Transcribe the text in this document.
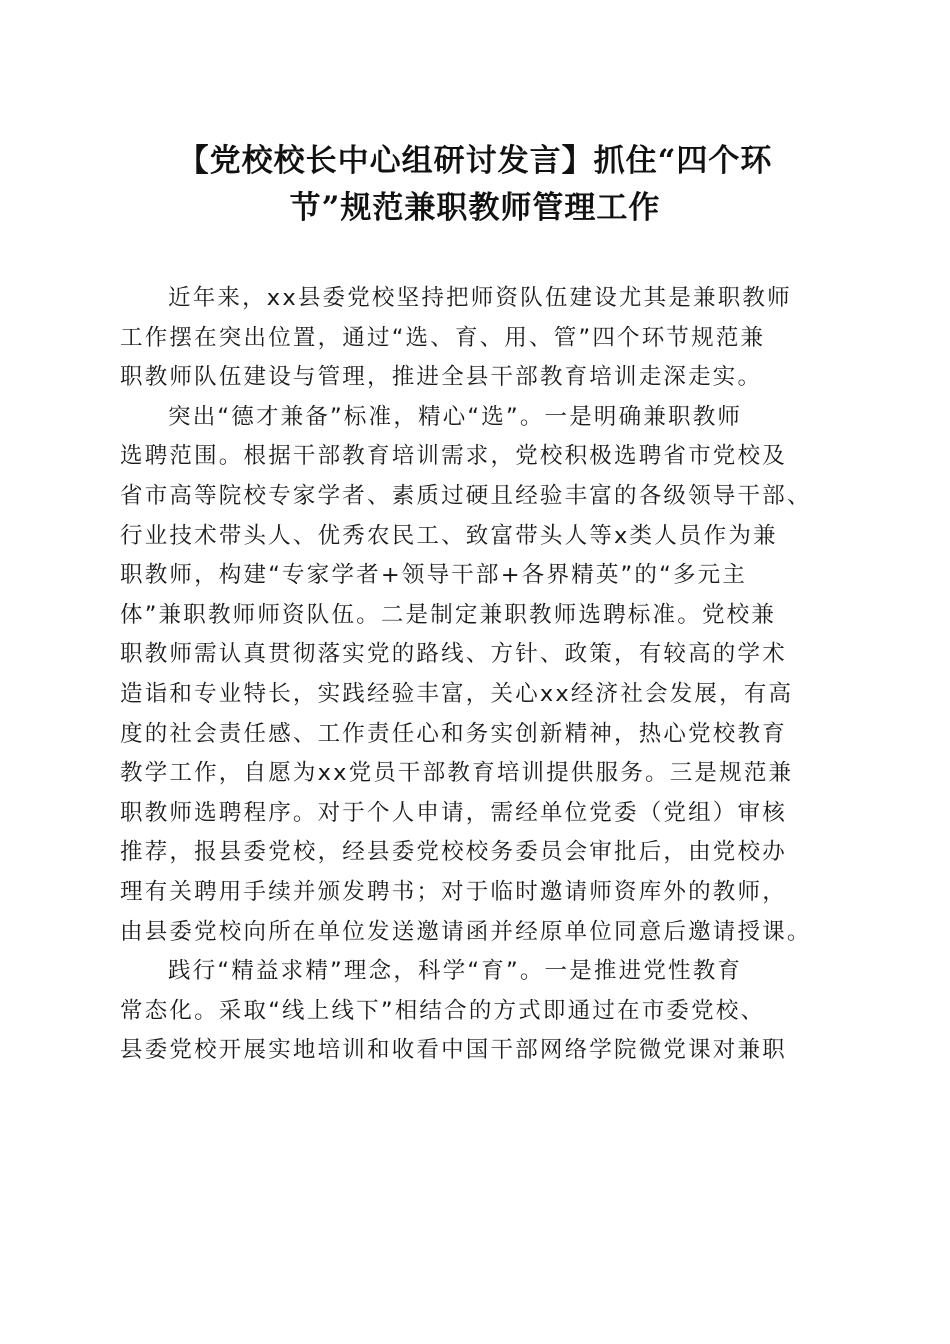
【党校校长中心组研讨发言】抓住“四个环
节”规范兼职教师管理工作
近年来，xx县委党校坚持把师资队伍建设尤其是兼职教师
工作摆在突出位置，通过“选、育、用、管”四个环节规范兼
职教师队伍建设与管理，推进全县干部教育培训走深走实。
突出“德才兼备”标准，精心“选”。一是明确兼职教师
选聘范围。根据干部教育培训需求，党校积极选聘省市党校及
省市高等院校专家学者、素质过硬且经验丰富的各级领导干部、
行业技术带头人、优秀农民工、致富带头人等x类人员作为兼
职教师，构建“专家学者+领导干部+各界精英”的“多元主
体”兼职教师师资队伍。二是制定兼职教师选聘标准。党校兼
职教师需认真贯彻落实党的路线、方针、政策，有较高的学术
造诣和专业特长，实践经验丰富，关心xx经济社会发展，有高
度的社会责任感、工作责任心和务实创新精神，热心党校教育
教学工作，自愿为xx党员干部教育培训提供服务。三是规范兼
职教师选聘程序。对于个人申请，需经单位党委（党组）审核
推荐，报县委党校，经县委党校校务委员会审批后，由党校办
理有关聘用手续并颁发聘书；对于临时邀请师资库外的教师，
由县委党校向所在单位发送邀请函并经原单位同意后邀请授课。
践行“精益求精”理念，科学“育”。一是推进党性教育
常态化。采取“线上线下”相结合的方式即通过在市委党校、
县委党校开展实地培训和收看中国干部网络学院微党课对兼职
